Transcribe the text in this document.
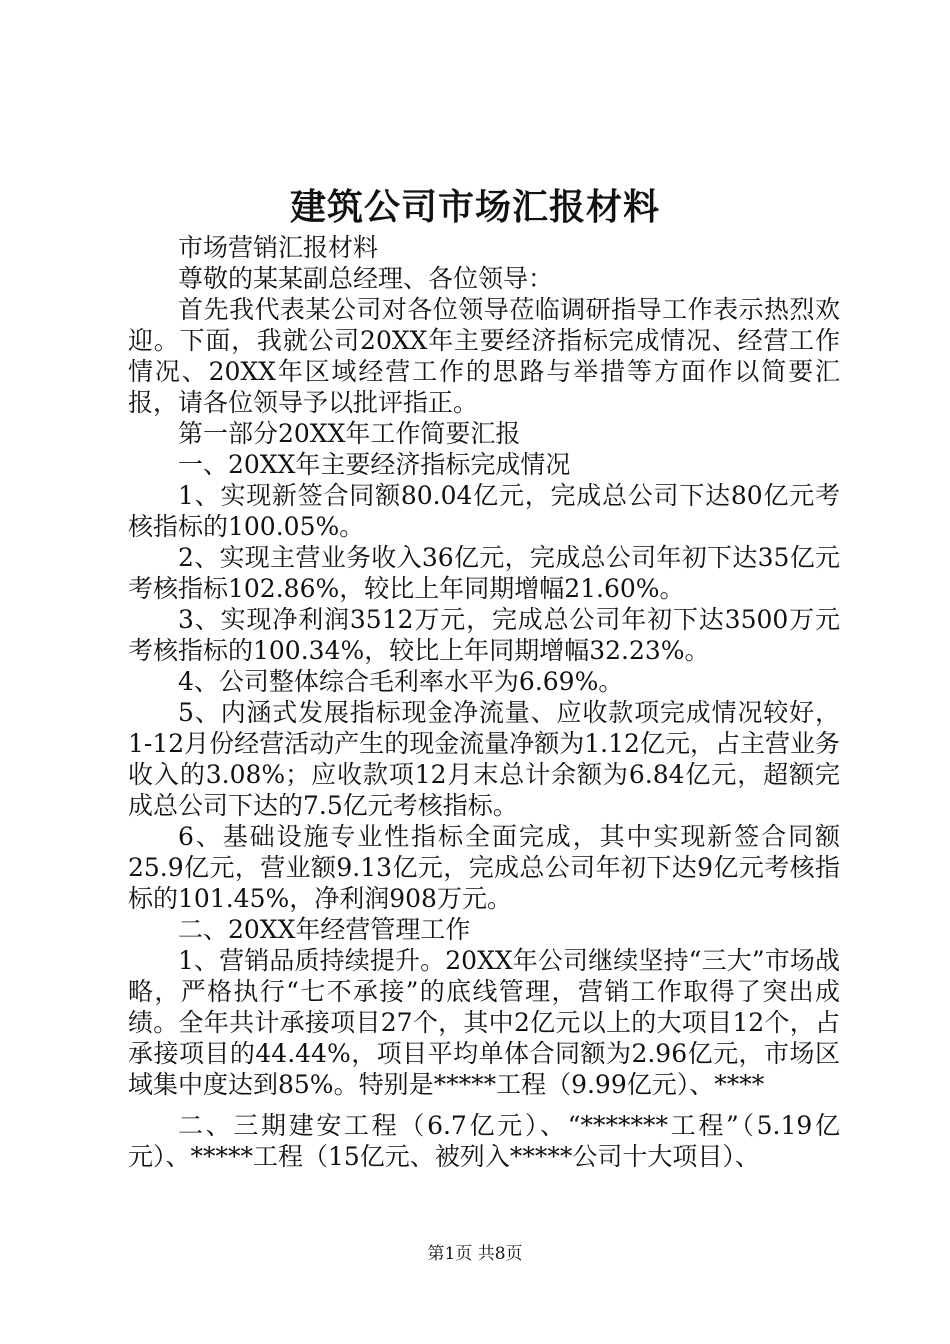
建筑公司市场汇报材料

市场营销汇报材料

尊敬的某某副总经理、各位领导：

首先我代表某公司对各位领导莅临调研指导工作表示热烈欢迎。下面，我就公司20XX年主要经济指标完成情况、经营工作情况、20XX年区域经营工作的思路与举措等方面作以简要汇报，请各位领导予以批评指正。

第一部分20XX年工作简要汇报

一、20XX年主要经济指标完成情况

1、实现新签合同额80.04亿元，完成总公司下达80亿元考核指标的100.05%。

2、实现主营业务收入36亿元，完成总公司年初下达35亿元考核指标102.86%，较比上年同期增幅21.60%。

3、实现净利润3512万元，完成总公司年初下达3500万元考核指标的100.34%，较比上年同期增幅32.23%。

4、公司整体综合毛利率水平为6.69%。

5、内涵式发展指标现金净流量、应收款项完成情况较好，1-12月份经营活动产生的现金流量净额为1.12亿元，占主营业务收入的3.08%；应收款项12月末总计余额为6.84亿元，超额完成总公司下达的7.5亿元考核指标。

6、基础设施专业性指标全面完成，其中实现新签合同额25.9亿元，营业额9.13亿元，完成总公司年初下达9亿元考核指标的101.45%，净利润908万元。

二、20XX年经营管理工作

1、营销品质持续提升。20XX年公司继续坚持“三大”市场战略，严格执行“七不承接”的底线管理，营销工作取得了突出成绩。全年共计承接项目27个，其中2亿元以上的大项目12个，占承接项目的44.44%，项目平均单体合同额为2.96亿元，市场区域集中度达到85%。特别是*****工程（9.99亿元）、****

二、三期建安工程（6.7亿元）、“*******工程”（5.19亿元）、*****工程（15亿元、被列入*****公司十大项目）、

第1页 共8页
